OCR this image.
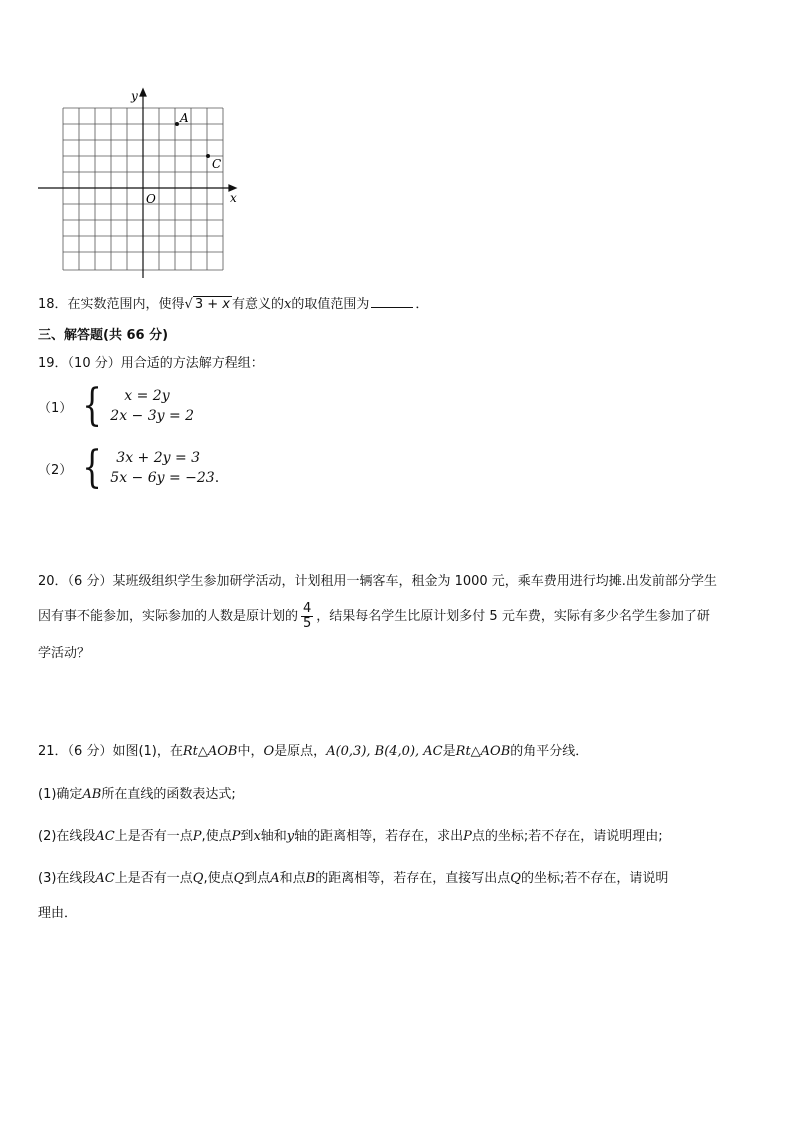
y
x
O
A
C
18．在实数范围内，使得√ 3 + x 有意义的x的取值范围为	．
三、解答题(共 66 分)
19．（10 分）用合适的方法解方程组：
（1） {	x = 2y
2x − 3y = 2
（2） {	3x + 2y = 3
5x − 6y = −23.
20．（6 分）某班级组织学生参加研学活动，计划租用一辆客车，租金为 1000 元，乘车费用进行均摊.出发前部分学生
因有事不能参加，实际参加的人数是原计划的 $\frac{4}{5}$ ，结果每名学生比原计划多付 5 元车费，实际有多少名学生参加了研
学活动？
21．（6 分）如图(1)，在Rt△AOB中，O是原点，A(0,3), B(4,0), AC是Rt△AOB的角平分线．
(1)确定AB所在直线的函数表达式;
(2)在线段AC上是否有一点P,使点P到x轴和y轴的距离相等，若存在，求出P点的坐标;若不存在，请说明理由;
(3)在线段AC上是否有一点Q,使点Q到点A和点B的距离相等，若存在，直接写出点Q的坐标;若不存在，请说明
理由．
